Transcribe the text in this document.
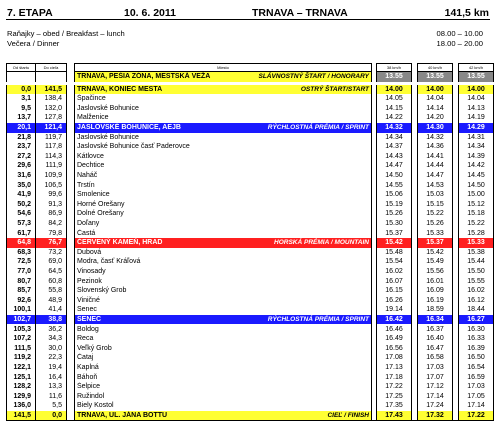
7. ETAPA	10. 6. 2011	TRNAVA – TRNAVA	141,5 km
Raňajky – obed / Breakfast – lunch	08.00 – 10.00
Večera / Dinner	18.00 – 20.00
Od štartu	Do cieľa		Miesto			38 km/h		40 km/h		42 km/h
			TRNAVA, PEŠIA ZÓNA, MESTSKÁ VEŽA	SLÁVNOSTNÝ ŠTART / HONORARY		13.55		13.55		13.55

0,0	141,5		TRNAVA, KONIEC MESTA	OSTRÝ ŠTART/START		14.00		14.00		14.00
3,1	138,4		Špačince			14.05		14.04		14.04
9,5	132,0		Jaslovské Bohunice			14.15		14.14		14.13
13,7	127,8		Malženice			14.22		14.20		14.19
20,1	121,4		JASLOVSKÉ BOHUNICE, AEJB	RÝCHLOSTNÁ PRÉMIA / SPRINT		14.32		14.30		14.29
21,8	119,7		Jaslovské Bohunice			14.34		14.32		14.31
23,7	117,8		Jaslovské Bohunice časť Paderovce			14.37		14.36		14.34
27,2	114,3		Kátlovce			14.43		14.41		14.39
29,6	111,9		Dechtice			14.47		14.44		14.42
31,6	109,9		Naháč			14.50		14.47		14.45
35,0	106,5		Trstín			14.55		14.53		14.50
41,9	99,6		Smolenice			15.06		15.03		15.00
50,2	91,3		Horné Orešany			15.19		15.15		15.12
54,6	86,9		Dolné Orešany			15.26		15.22		15.18
57,3	84,2		Doľany			15.30		15.26		15.22
61,7	79,8		Častá			15.37		15.33		15.28
64,8	76,7		ČERVENÝ KAMEŇ, HRAD	HORSKÁ PRÉMIA / MOUNTAIN		15.42		15.37		15.33
68,3	73,2		Dubová			15.48		15.42		15.38
72,5	69,0		Modra, časť Kráľová			15.54		15.49		15.44
77,0	64,5		Vinosady			16.02		15.56		15.50
80,7	60,8		Pezinok			16.07		16.01		15.55
85,7	55,8		Slovenský Grob			16.15		16.09		16.02
92,6	48,9		Viničné			16.26		16.19		16.12
100,1	41,4		Senec			19.14		18.59		18.44
102,7	38,8		SENEC	RÝCHLOSTNÁ PRÉMIA / SPRINT		16.42		16.34		16.27
105,3	36,2		Boldog			16.46		16.37		16.30
107,2	34,3		Reca			16.49		16.40		16.33
111,5	30,0		Veľký Grob			16.56		16.47		16.39
119,2	22,3		Čataj			17.08		16.58		16.50
122,1	19,4		Kaplná			17.13		17.03		16.54
125,1	16,4		Báhoň			17.18		17.07		16.59
128,2	13,3		Šelpice			17.22		17.12		17.03
129,9	11,6		Ružindol			17.25		17.14		17.05
136,0	5,5		Biely Kostol			17.35		17.24		17.14
141,5	0,0		TRNAVA, UL. JÁNA BOTTU	CIEĽ / FINISH		17.43		17.32		17.22
